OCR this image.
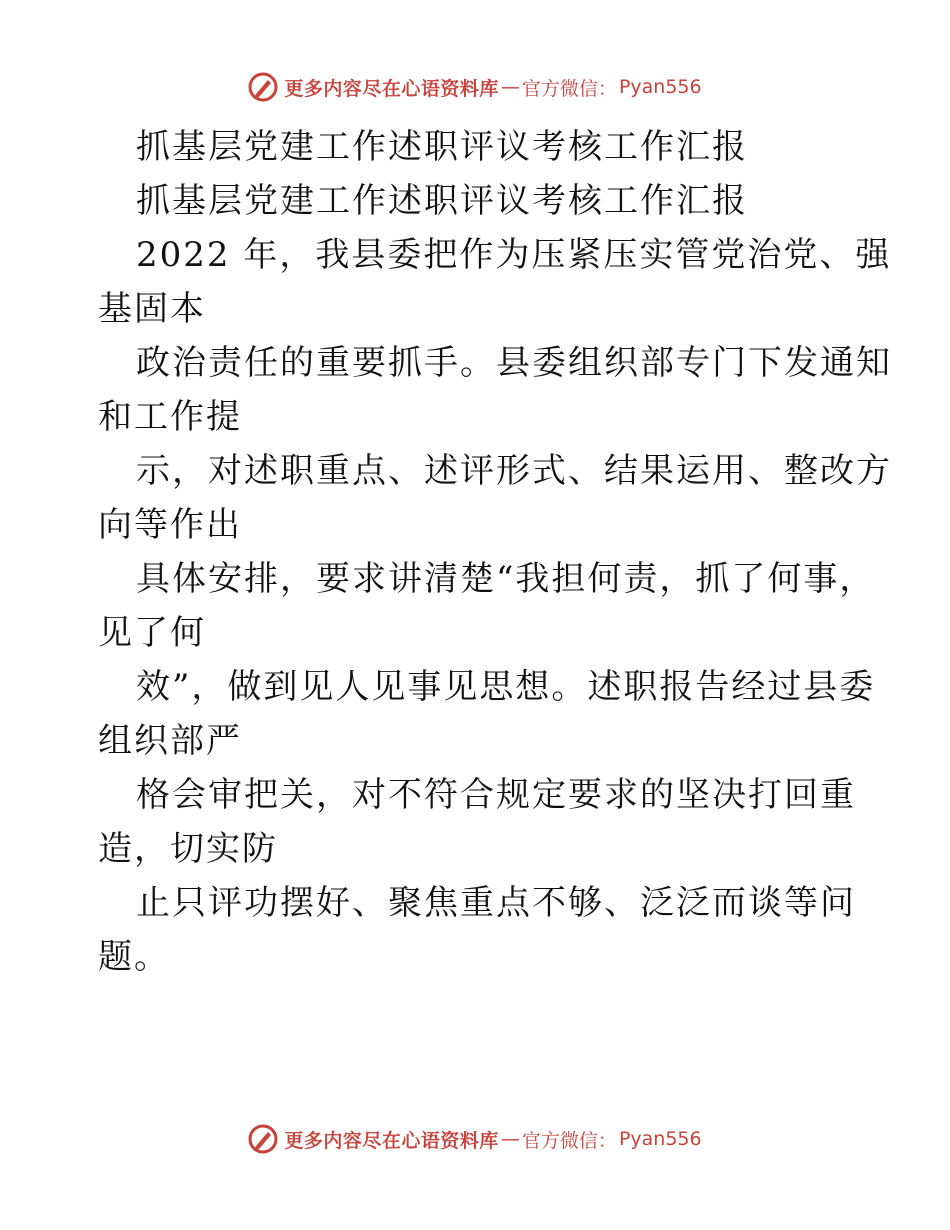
更多内容尽在心语资料库 — 官方微信： Pyan556
抓基层党建工作述职评议考核工作汇报
抓基层党建工作述职评议考核工作汇报
2022 年，我县委把作为压紧压实管党治党、强
基固本
政治责任的重要抓手。县委组织部专门下发通知
和工作提
示，对述职重点、述评形式、结果运用、整改方
向等作出
具体安排，要求讲清楚“我担何责，抓了何事，
见了何
效”，做到见人见事见思想。述职报告经过县委
组织部严
格会审把关，对不符合规定要求的坚决打回重
造，切实防
止只评功摆好、聚焦重点不够、泛泛而谈等问
题。
更多内容尽在心语资料库 — 官方微信： Pyan556
